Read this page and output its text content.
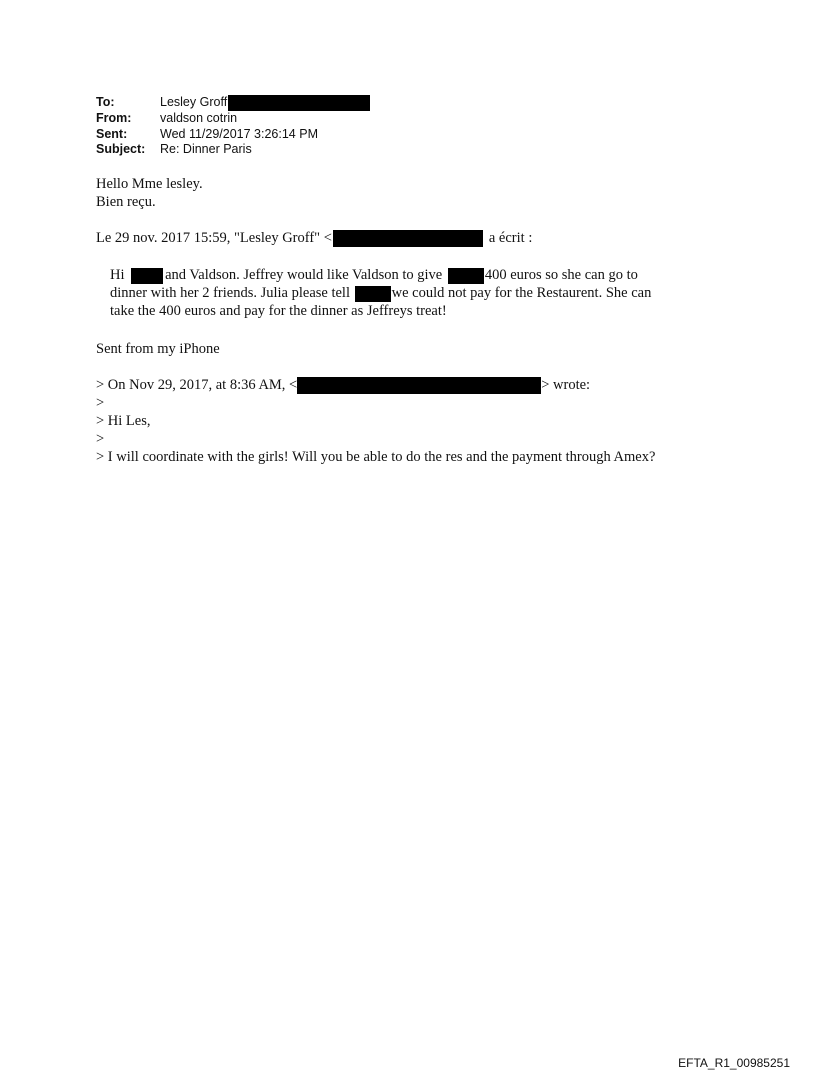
To:	Lesley Groff
From:	valdson cotrin
Sent:	Wed 11/29/2017 3:26:14 PM
Subject:	Re: Dinner Paris
Hello Mme lesley.
Bien reçu.
Le 29 nov. 2017 15:59, "Lesley Groff" <	a écrit :
Hi	and Valdson. Jeffrey would like Valdson to give	400 euros so she can go to
dinner with her 2 friends. Julia please tell	we could not pay for the Restaurent. She can
take the 400 euros and pay for the dinner as Jeffreys treat!
Sent from my iPhone
> On Nov 29, 2017, at 8:36 AM, <	> wrote:
>
> Hi Les,
>
> I will coordinate with the girls! Will you be able to do the res and the payment through Amex?
EFTA_R1_00985251
